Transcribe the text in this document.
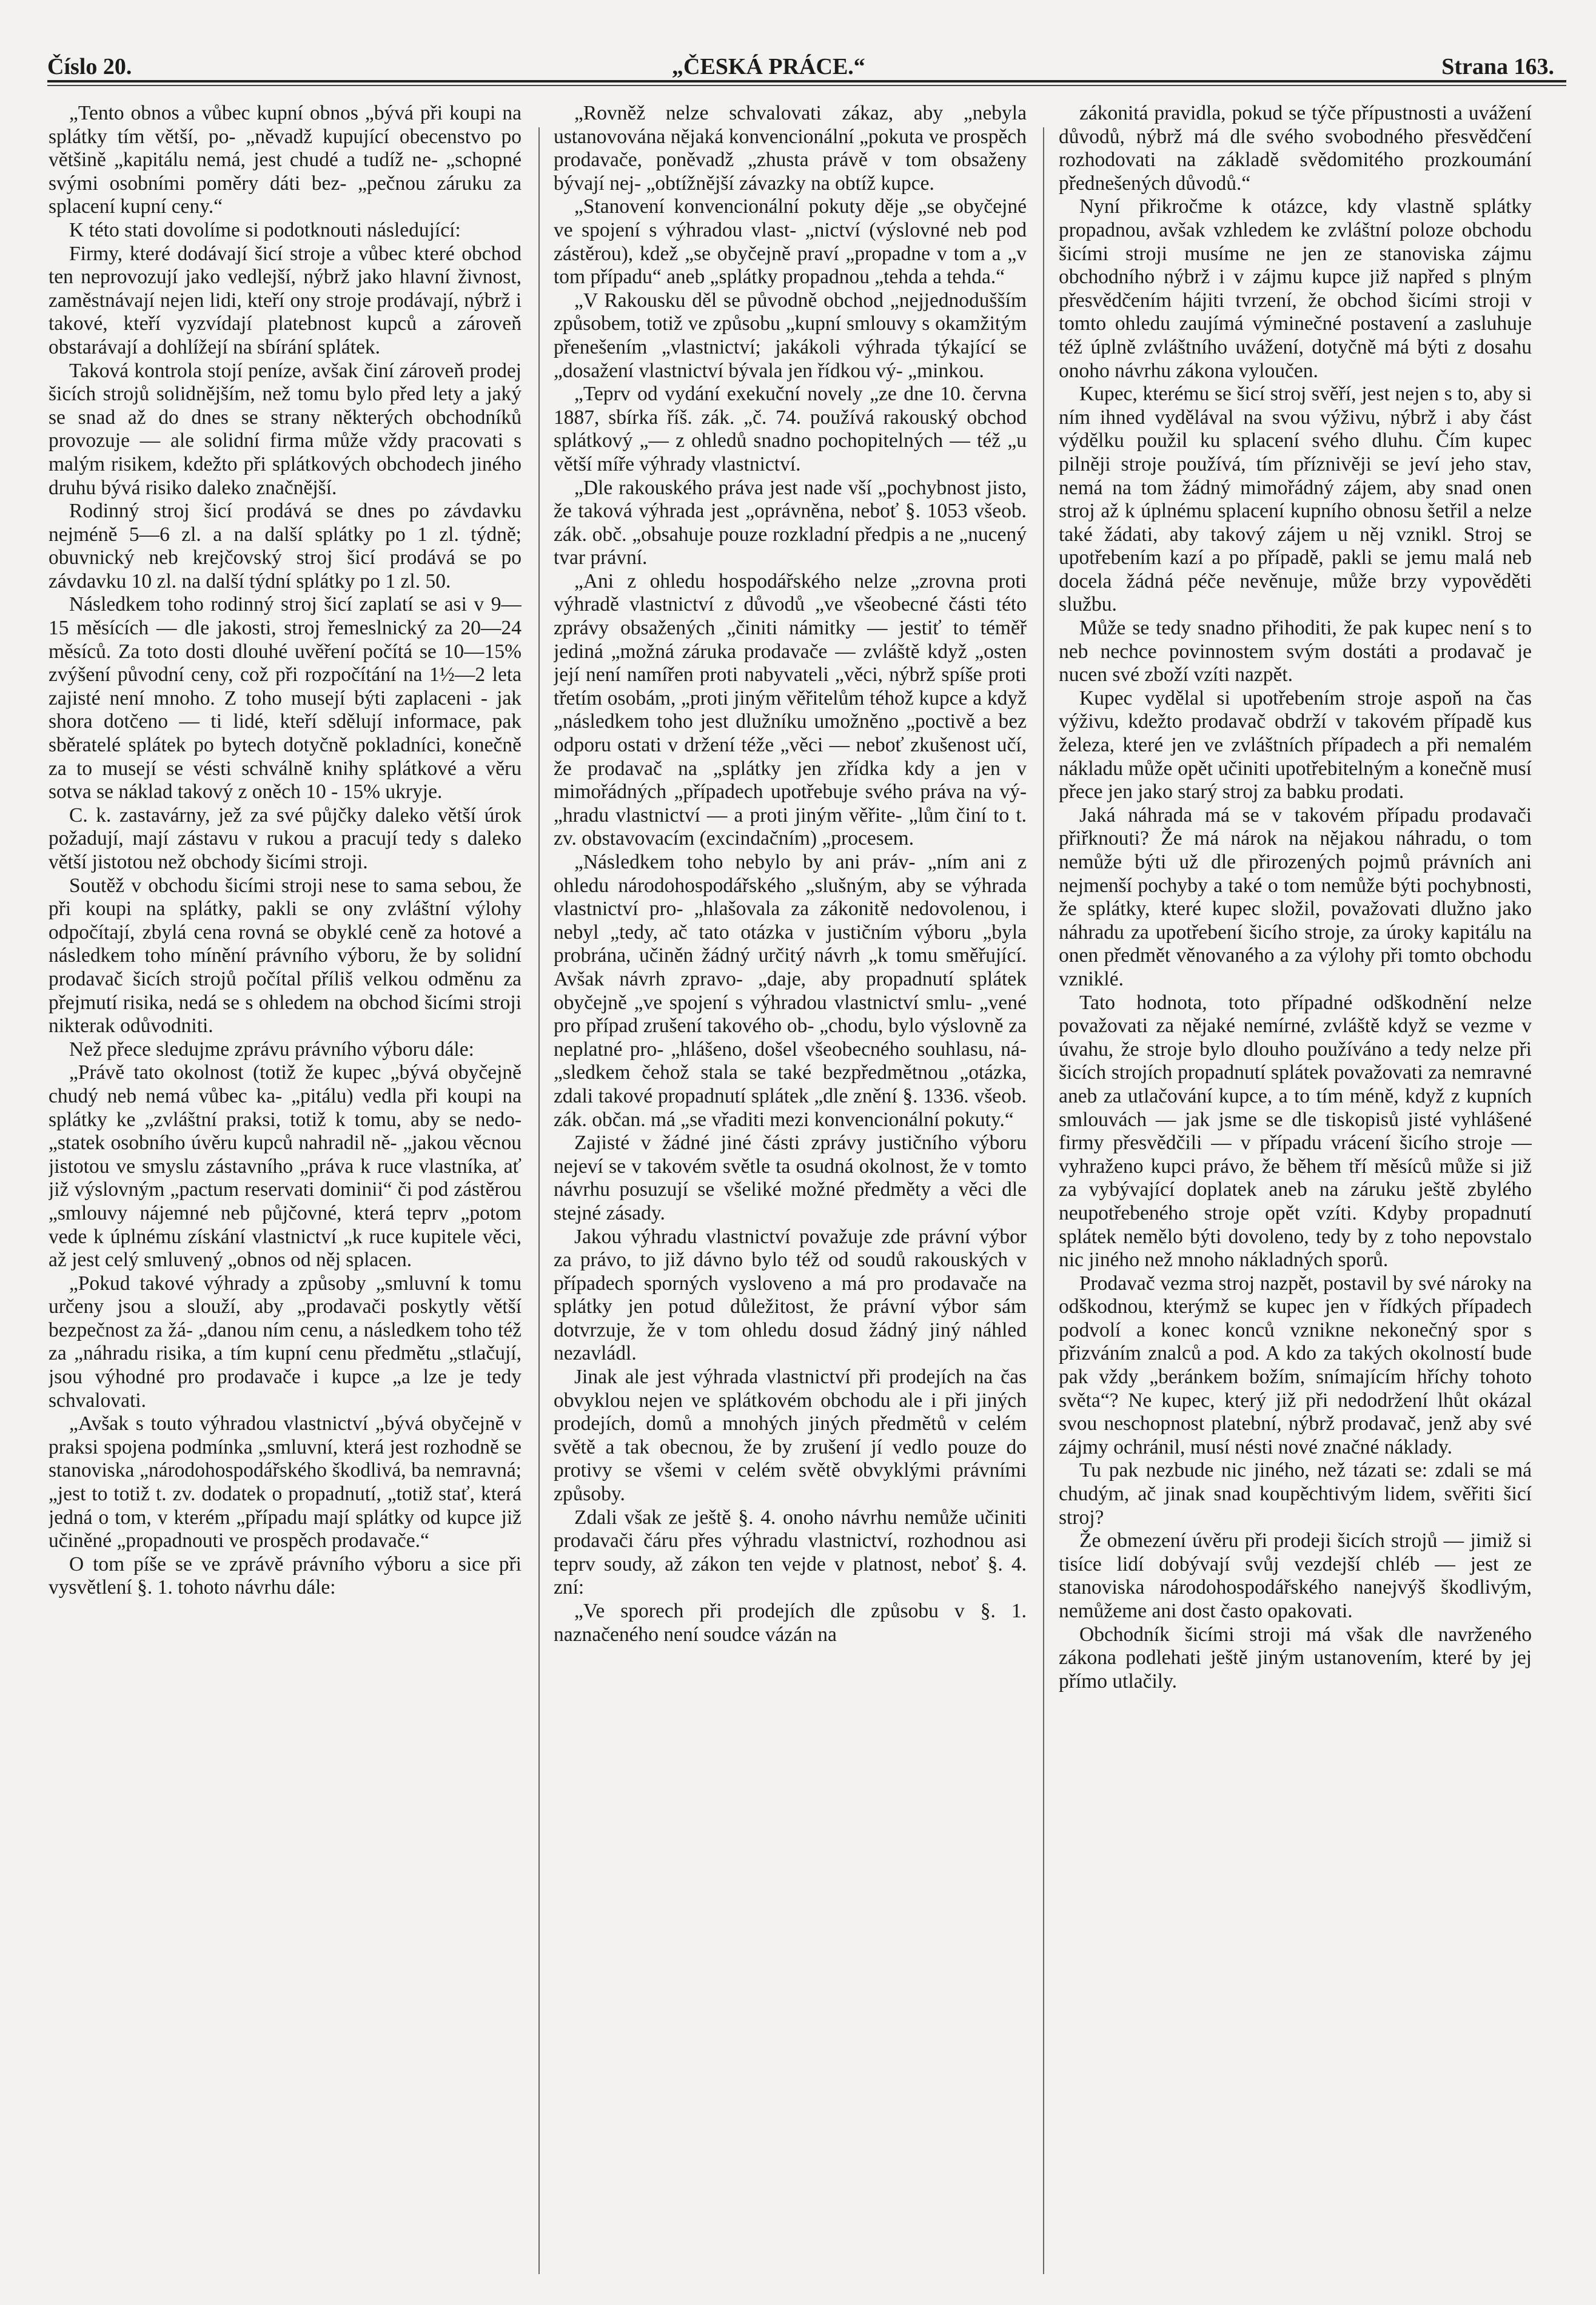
Číslo 20.	„ČESKÁ PRÁCE.“	Strana 163.

„Tento obnos a vůbec kupní obnos „bývá při koupi na splátky tím větší, po- „něvadž kupující obecenstvo po většině „kapitálu nemá, jest chudé a tudíž ne- „schopné svými osobními poměry dáti bez- „pečnou záruku za splacení kupní ceny.“

K této stati dovolíme si podotknouti následující:

Firmy, které dodávají šicí stroje a vůbec které obchod ten neprovozují jako vedlejší, nýbrž jako hlavní živnost, zaměstnávají nejen lidi, kteří ony stroje prodávají, nýbrž i takové, kteří vyzvídají platebnost kupců a zároveň obstarávají a dohlížejí na sbírání splátek.

Taková kontrola stojí peníze, avšak činí zároveň prodej šicích strojů solidnějším, než tomu bylo před lety a jaký se snad až do dnes se strany některých obchodníků provozuje — ale solidní firma může vždy pracovati s malým risikem, kdežto při splátkových obchodech jiného druhu bývá risiko daleko značnější.

Rodinný stroj šicí prodává se dnes po závdavku nejméně 5—6 zl. a na další splátky po 1 zl. týdně; obuvnický neb krejčovský stroj šicí prodává se po závdavku 10 zl. na další týdní splátky po 1 zl. 50.

Následkem toho rodinný stroj šicí zaplatí se asi v 9—15 měsících — dle jakosti, stroj řemeslnický za 20—24 měsíců. Za toto dosti dlouhé uvěření počítá se 10—15% zvýšení původní ceny, což při rozpočítání na 1½—2 leta zajisté není mnoho. Z toho musejí býti zaplaceni - jak shora dotčeno — ti lidé, kteří sdělují informace, pak sběratelé splátek po bytech dotyčně pokladníci, konečně za to musejí se vésti schválně knihy splátkové a věru sotva se náklad takový z oněch 10 - 15% ukryje.

C. k. zastavárny, jež za své půjčky daleko větší úrok požadují, mají zástavu v rukou a pracují tedy s daleko větší jistotou než obchody šicími stroji.

Soutěž v obchodu šicími stroji nese to sama sebou, že při koupi na splátky, pakli se ony zvláštní výlohy odpočítají, zbylá cena rovná se obyklé ceně za hotové a následkem toho mínění právního výboru, že by solidní prodavač šicích strojů počítal příliš velkou odměnu za přejmutí risika, nedá se s ohledem na obchod šicími stroji nikterak odůvodniti.

Než přece sledujme zprávu právního výboru dále:

„Právě tato okolnost (totiž že kupec „bývá obyčejně chudý neb nemá vůbec ka- „pitálu) vedla při koupi na splátky ke „zvláštní praksi, totiž k tomu, aby se nedo- „statek osobního úvěru kupců nahradil ně- „jakou věcnou jistotou ve smyslu zástavního „práva k ruce vlastníka, ať již výslovným „pactum reservati dominii“ či pod zástěrou „smlouvy nájemné neb půjčovné, která teprv „potom vede k úplnému získání vlastnictví „k ruce kupitele věci, až jest celý smluvený „obnos od něj splacen.

„Pokud takové výhrady a způsoby „smluvní k tomu určeny jsou a slouží, aby „prodavači poskytly větší bezpečnost za žá- „danou ním cenu, a následkem toho též za „náhradu risika, a tím kupní cenu předmětu „stlačují, jsou výhodné pro prodavače i kupce „a lze je tedy schvalovati.

„Avšak s touto výhradou vlastnictví „bývá obyčejně v praksi spojena podmínka „smluvní, která jest rozhodně se stanoviska „národohospodářského škodlivá, ba nemravná; „jest to totiž t. zv. dodatek o propadnutí, „totiž stať, která jedná o tom, v kterém „případu mají splátky od kupce již učiněné „propadnouti ve prospěch prodavače.“

O tom píše se ve zprávě právního výboru a sice při vysvětlení §. 1. tohoto návrhu dále:

„Rovněž nelze schvalovati zákaz, aby „nebyla ustanovována nějaká konvencionální „pokuta ve prospěch prodavače, poněvadž „zhusta právě v tom obsaženy bývají nej- „obtížnější závazky na obtíž kupce.

„Stanovení konvencionální pokuty děje „se obyčejné ve spojení s výhradou vlast- „nictví (výslovné neb pod zástěrou), kdež „se obyčejně praví „propadne v tom a „v tom případu“ aneb „splátky propadnou „tehda a tehda.“

„V Rakousku děl se původně obchod „nejjednodušším způsobem, totiž ve způsobu „kupní smlouvy s okamžitým přenešením „vlastnictví; jakákoli výhrada týkající se „dosažení vlastnictví bývala jen řídkou vý- „minkou.

„Teprv od vydání exekuční novely „ze dne 10. června 1887, sbírka říš. zák. „č. 74. používá rakouský obchod splátkový „— z ohledů snadno pochopitelných — též „u větší míře výhrady vlastnictví.

„Dle rakouského práva jest nade vší „pochybnost jisto, že taková výhrada jest „oprávněna, neboť §. 1053 všeob. zák. obč. „obsahuje pouze rozkladní předpis a ne „nucený tvar právní.

„Ani z ohledu hospodářského nelze „zrovna proti výhradě vlastnictví z důvodů „ve všeobecné části této zprávy obsažených „činiti námitky — jestiť to téměř jediná „možná záruka prodavače — zvláště když „osten její není namířen proti nabyvateli „věci, nýbrž spíše proti třetím osobám, „proti jiným věřitelům téhož kupce a když „následkem toho jest dlužníku umožněno „poctivě a bez odporu ostati v držení téže „věci — neboť zkušenost učí, že prodavač na „splátky jen zřídka kdy a jen v mimořádných „případech upotřebuje svého práva na vý- „hradu vlastnictví — a proti jiným věřite- „lům činí to t. zv. obstavovacím (excindačním) „procesem.

„Následkem toho nebylo by ani práv- „ním ani z ohledu národohospodářského „slušným, aby se výhrada vlastnictví pro- „hlašovala za zákonitě nedovolenou, i nebyl „tedy, ač tato otázka v justičním výboru „byla probrána, učiněn žádný určitý návrh „k tomu směřující. Avšak návrh zpravo- „daje, aby propadnutí splátek obyčejně „ve spojení s výhradou vlastnictví smlu- „vené pro případ zrušení takového ob- „chodu, bylo výslovně za neplatné pro- „hlášeno, došel všeobecného souhlasu, ná- „sledkem čehož stala se také bezpředmětnou „otázka, zdali takové propadnutí splátek „dle znění §. 1336. všeob. zák. občan. má „se vřaditi mezi konvencionální pokuty.“

Zajisté v žádné jiné části zprávy justičního výboru nejeví se v takovém světle ta osudná okolnost, že v tomto návrhu posuzují se všeliké možné předměty a věci dle stejné zásady.

Jakou výhradu vlastnictví považuje zde právní výbor za právo, to již dávno bylo též od soudů rakouských v případech sporných vysloveno a má pro prodavače na splátky jen potud důležitost, že právní výbor sám dotvrzuje, že v tom ohledu dosud žádný jiný náhled nezavládl.

Jinak ale jest výhrada vlastnictví při prodejích na čas obvyklou nejen ve splátkovém obchodu ale i při jiných prodejích, domů a mnohých jiných předmětů v celém světě a tak obecnou, že by zrušení jí vedlo pouze do protivy se všemi v celém světě obvyklými právními způsoby.

Zdali však ze ještě §. 4. onoho návrhu nemůže učiniti prodavači čáru přes výhradu vlastnictví, rozhodnou asi teprv soudy, až zákon ten vejde v platnost, neboť §. 4. zní:

„Ve sporech při prodejích dle způsobu v §. 1. naznačeného není soudce vázán na

zákonitá pravidla, pokud se týče přípustnosti a uvážení důvodů, nýbrž má dle svého svobodného přesvědčení rozhodovati na základě svědomitého prozkoumání přednešených důvodů.“

Nyní přikročme k otázce, kdy vlastně splátky propadnou, avšak vzhledem ke zvláštní poloze obchodu šicími stroji musíme ne jen ze stanoviska zájmu obchodního nýbrž i v zájmu kupce již napřed s plným přesvědčením hájiti tvrzení, že obchod šicími stroji v tomto ohledu zaujímá výminečné postavení a zasluhuje též úplně zvláštního uvážení, dotyčně má býti z dosahu onoho návrhu zákona vyloučen.

Kupec, kterému se šicí stroj svěří, jest nejen s to, aby si ním ihned vydělával na svou výživu, nýbrž i aby část výdělku použil ku splacení svého dluhu. Čím kupec pilněji stroje používá, tím příznivěji se jeví jeho stav, nemá na tom žádný mimořádný zájem, aby snad onen stroj až k úplnému splacení kupního obnosu šetřil a nelze také žádati, aby takový zájem u něj vznikl. Stroj se upotřebením kazí a po případě, pakli se jemu malá neb docela žádná péče nevěnuje, může brzy vypověděti službu.

Může se tedy snadno přihoditi, že pak kupec není s to neb nechce povinnostem svým dostáti a prodavač je nucen své zboží vzíti nazpět.

Kupec vydělal si upotřebením stroje aspoň na čas výživu, kdežto prodavač obdrží v takovém případě kus železa, které jen ve zvláštních případech a při nemalém nákladu může opět učiniti upotřebitelným a konečně musí přece jen jako starý stroj za babku prodati.

Jaká náhrada má se v takovém případu prodavači přiřknouti? Že má nárok na nějakou náhradu, o tom nemůže býti už dle přirozených pojmů právních ani nejmenší pochyby a také o tom nemůže býti pochybnosti, že splátky, které kupec složil, považovati dlužno jako náhradu za upotřebení šicího stroje, za úroky kapitálu na onen předmět věnovaného a za výlohy při tomto obchodu vzniklé.

Tato hodnota, toto případné odškodnění nelze považovati za nějaké nemírné, zvláště když se vezme v úvahu, že stroje bylo dlouho používáno a tedy nelze při šicích strojích propadnutí splátek považovati za nemravné aneb za utlačování kupce, a to tím méně, když z kupních smlouvách — jak jsme se dle tiskopisů jisté vyhlášené firmy přesvědčili — v případu vrácení šicího stroje — vyhraženo kupci právo, že během tří měsíců může si již za vybývající doplatek aneb na záruku ještě zbylého neupotřebeného stroje opět vzíti. Kdyby propadnutí splátek nemělo býti dovoleno, tedy by z toho nepovstalo nic jiného než mnoho nákladných sporů.

Prodavač vezma stroj nazpět, postavil by své nároky na odškodnou, kterýmž se kupec jen v řídkých případech podvolí a konec konců vznikne nekonečný spor s přizváním znalců a pod. A kdo za takých okolností bude pak vždy „beránkem božím, snímajícím hříchy tohoto světa“? Ne kupec, který již při nedodržení lhůt okázal svou neschopnost platební, nýbrž prodavač, jenž aby své zájmy ochránil, musí nésti nové značné náklady.

Tu pak nezbude nic jiného, než tázati se: zdali se má chudým, ač jinak snad koupěchtivým lidem, svěřiti šicí stroj?

Že obmezení úvěru při prodeji šicích strojů — jimiž si tisíce lidí dobývají svůj vezdejší chléb — jest ze stanoviska národohospodářského nanejvýš škodlivým, nemůžeme ani dost často opakovati.

Obchodník šicími stroji má však dle navrženého zákona podlehati ještě jiným ustanovením, které by jej přímo utlačily.
